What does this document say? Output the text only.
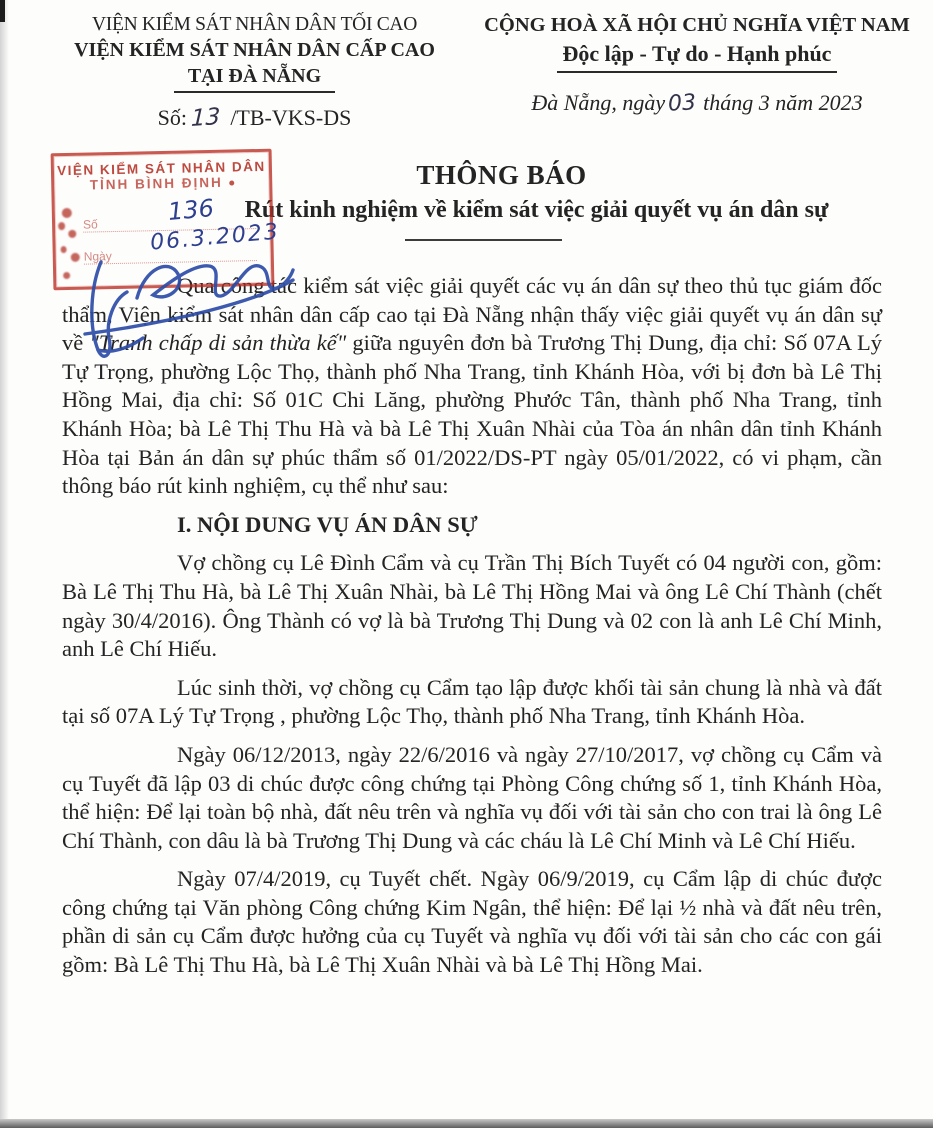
VIỆN KIỂM SÁT NHÂN DÂN TỐI CAO
VIỆN KIỂM SÁT NHÂN DÂN CẤP CAO
TẠI ĐÀ NẴNG
Số: 13 /TB-VKS-DS
CỘNG HOÀ XÃ HỘI CHỦ NGHĨA VIỆT NAM
Độc lập - Tự do - Hạnh phúc
Đà Nẵng, ngày 03 tháng 3 năm 2023
THÔNG BÁO
Rút kinh nghiệm về kiểm sát việc giải quyết vụ án dân sự
VIỆN KIỂM SÁT NHÂN DÂN
TỈNH BÌNH ĐỊNH
Số
Ngày
136
06.3.2023

Qua công tác kiểm sát việc giải quyết các vụ án dân sự theo thủ tục giám đốc thẩm, Viện kiểm sát nhân dân cấp cao tại Đà Nẵng nhận thấy việc giải quyết vụ án dân sự về "Tranh chấp di sản thừa kế" giữa nguyên đơn bà Trương Thị Dung, địa chỉ: Số 07A Lý Tự Trọng, phường Lộc Thọ, thành phố Nha Trang, tỉnh Khánh Hòa, với bị đơn bà Lê Thị Hồng Mai, địa chỉ: Số 01C Chi Lăng, phường Phước Tân, thành phố Nha Trang, tỉnh Khánh Hòa; bà Lê Thị Thu Hà và bà Lê Thị Xuân Nhài của Tòa án nhân dân tỉnh Khánh Hòa tại Bản án dân sự phúc thẩm số 01/2022/DS-PT ngày 05/01/2022, có vi phạm, cần thông báo rút kinh nghiệm, cụ thể như sau:

I. NỘI DUNG VỤ ÁN DÂN SỰ

Vợ chồng cụ Lê Đình Cẩm và cụ Trần Thị Bích Tuyết có 04 người con, gồm: Bà Lê Thị Thu Hà, bà Lê Thị Xuân Nhài, bà Lê Thị Hồng Mai và ông Lê Chí Thành (chết ngày 30/4/2016). Ông Thành có vợ là bà Trương Thị Dung và 02 con là anh Lê Chí Minh, anh Lê Chí Hiếu.

Lúc sinh thời, vợ chồng cụ Cẩm tạo lập được khối tài sản chung là nhà và đất tại số 07A Lý Tự Trọng , phường Lộc Thọ, thành phố Nha Trang, tỉnh Khánh Hòa.

Ngày 06/12/2013, ngày 22/6/2016 và ngày 27/10/2017, vợ chồng cụ Cẩm và cụ Tuyết đã lập 03 di chúc được công chứng tại Phòng Công chứng số 1, tỉnh Khánh Hòa, thể hiện: Để lại toàn bộ nhà, đất nêu trên và nghĩa vụ đối với tài sản cho con trai là ông Lê Chí Thành, con dâu là bà Trương Thị Dung và các cháu là Lê Chí Minh và Lê Chí Hiếu.

Ngày 07/4/2019, cụ Tuyết chết. Ngày 06/9/2019, cụ Cẩm lập di chúc được công chứng tại Văn phòng Công chứng Kim Ngân, thể hiện: Để lại ½ nhà và đất nêu trên, phần di sản cụ Cẩm được hưởng của cụ Tuyết và nghĩa vụ đối với tài sản cho các con gái gồm: Bà Lê Thị Thu Hà, bà Lê Thị Xuân Nhài và bà Lê Thị Hồng Mai.
